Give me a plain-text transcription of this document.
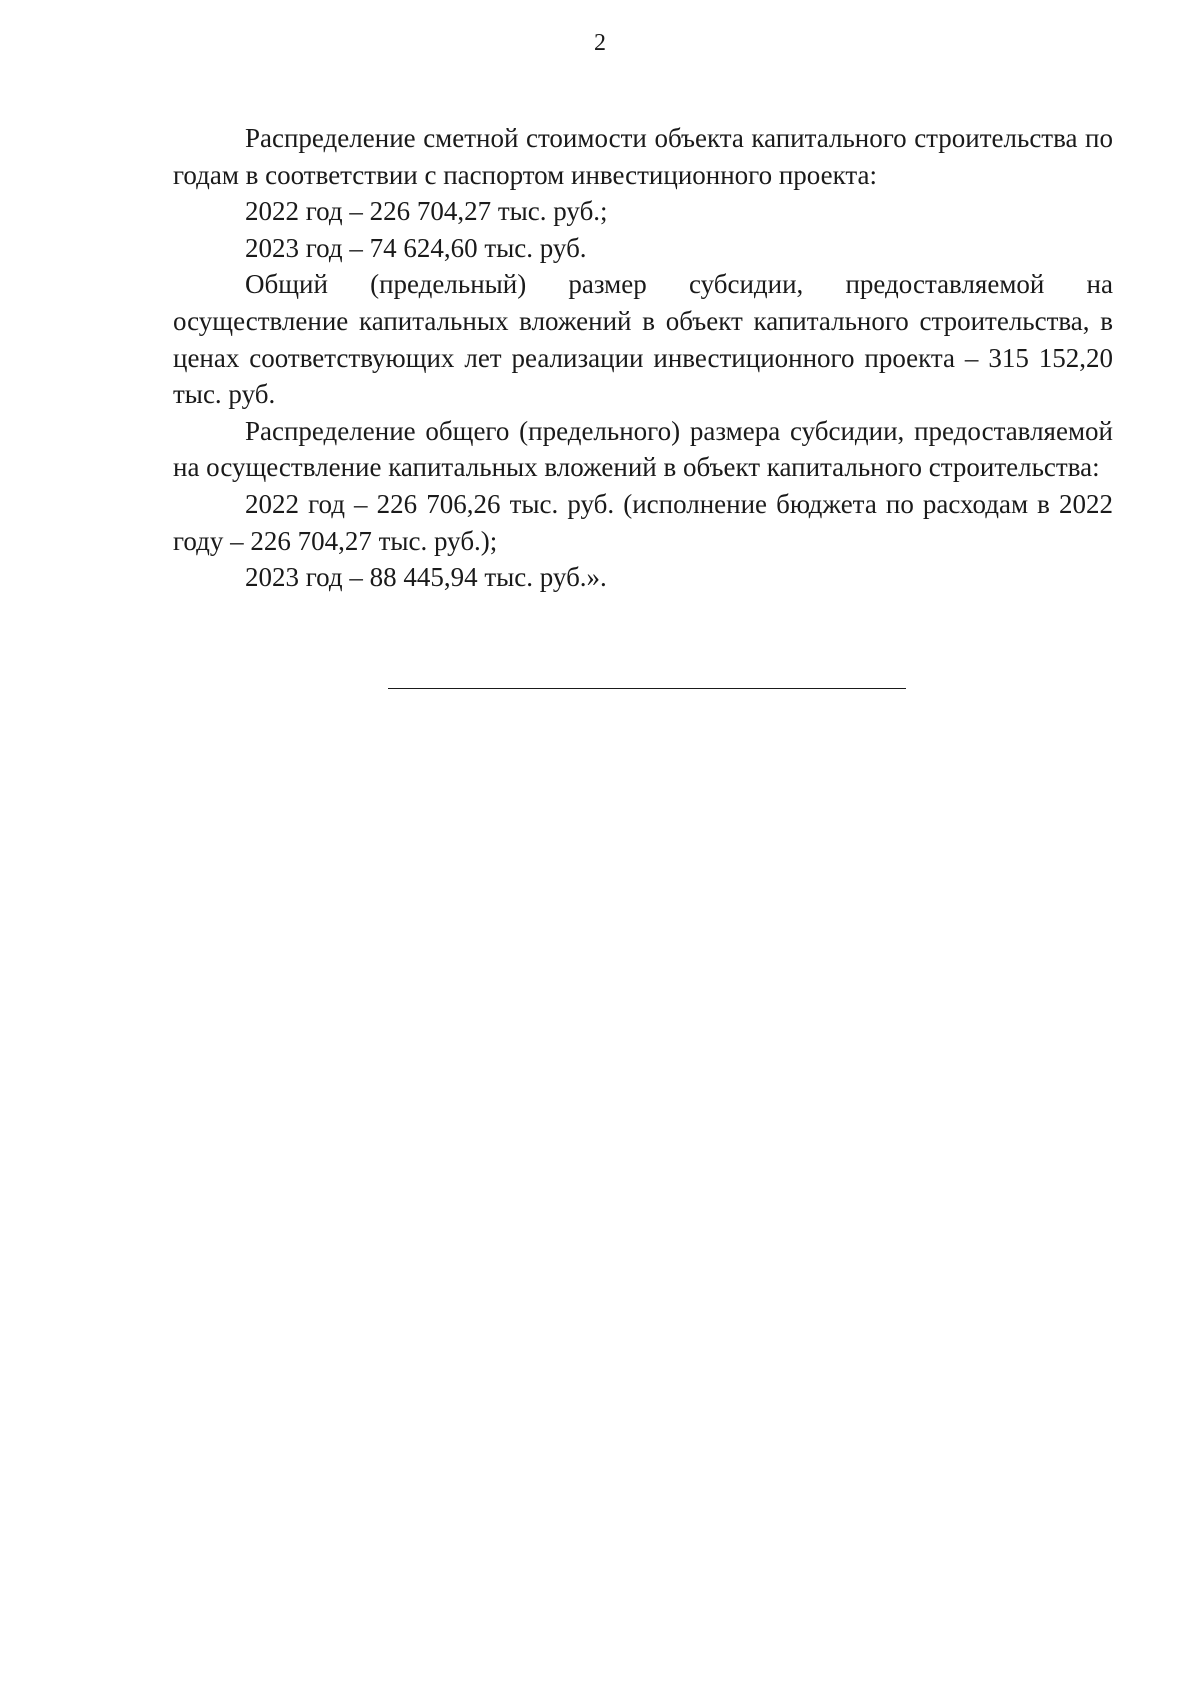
2

Распределение сметной стоимости объекта капитального строительства по годам в соответствии с паспортом инвестиционного проекта:

2022 год – 226 704,27 тыс. руб.;

2023 год – 74 624,60 тыс. руб.

Общий (предельный) размер субсидии, предоставляемой на осуществление капитальных вложений в объект капитального строительства, в ценах соответствующих лет реализации инвестиционного проекта – 315 152,20 тыс. руб.

Распределение общего (предельного) размера субсидии, предоставляемой на осуществление капитальных вложений в объект капитального строительства:

2022 год – 226 706,26 тыс. руб. (исполнение бюджета по расходам в 2022 году – 226 704,27 тыс. руб.);

2023 год – 88 445,94 тыс. руб.».
